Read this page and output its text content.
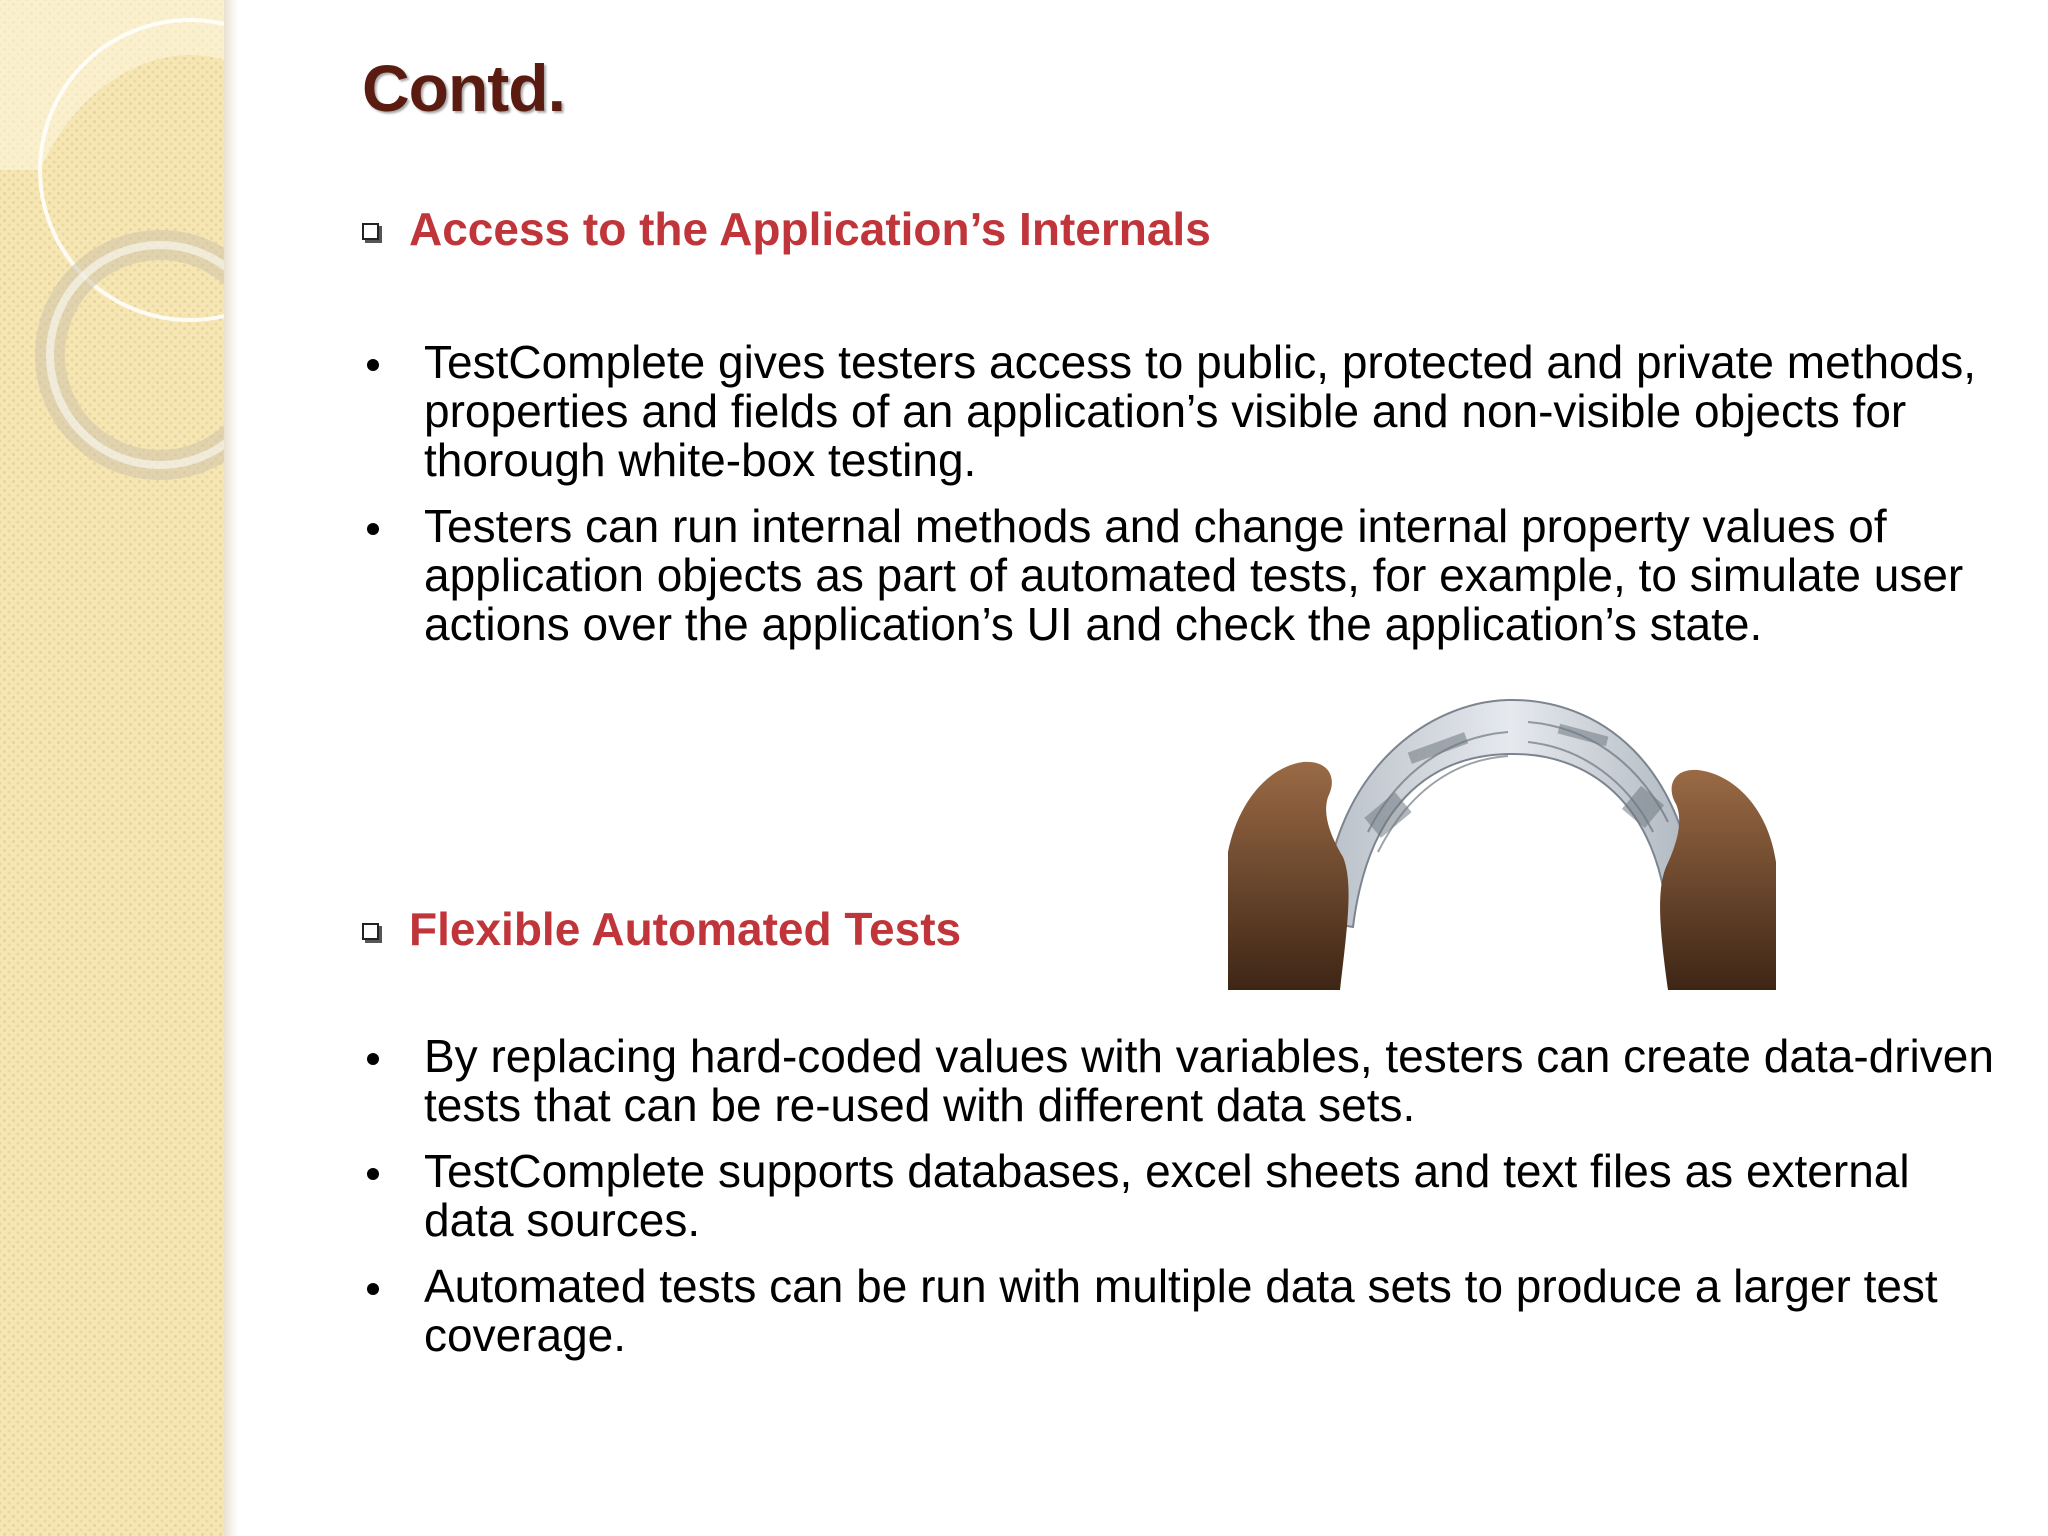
Contd.
Access to the Application’s Internals
TestComplete gives testers access to public, protected and private methods, properties and fields of an application’s visible and non-visible objects for thorough white-box testing.
Testers can run internal methods and change internal property values of application objects as part of automated tests, for example, to simulate user actions over the application’s UI and check the application’s state.
Flexible Automated Tests
By replacing hard-coded values with variables, testers can create data-driven tests that can be re-used with different data sets.
TestComplete supports databases, excel sheets and text files as external data sources.
Automated tests can be run with multiple data sets to produce a larger test coverage.
